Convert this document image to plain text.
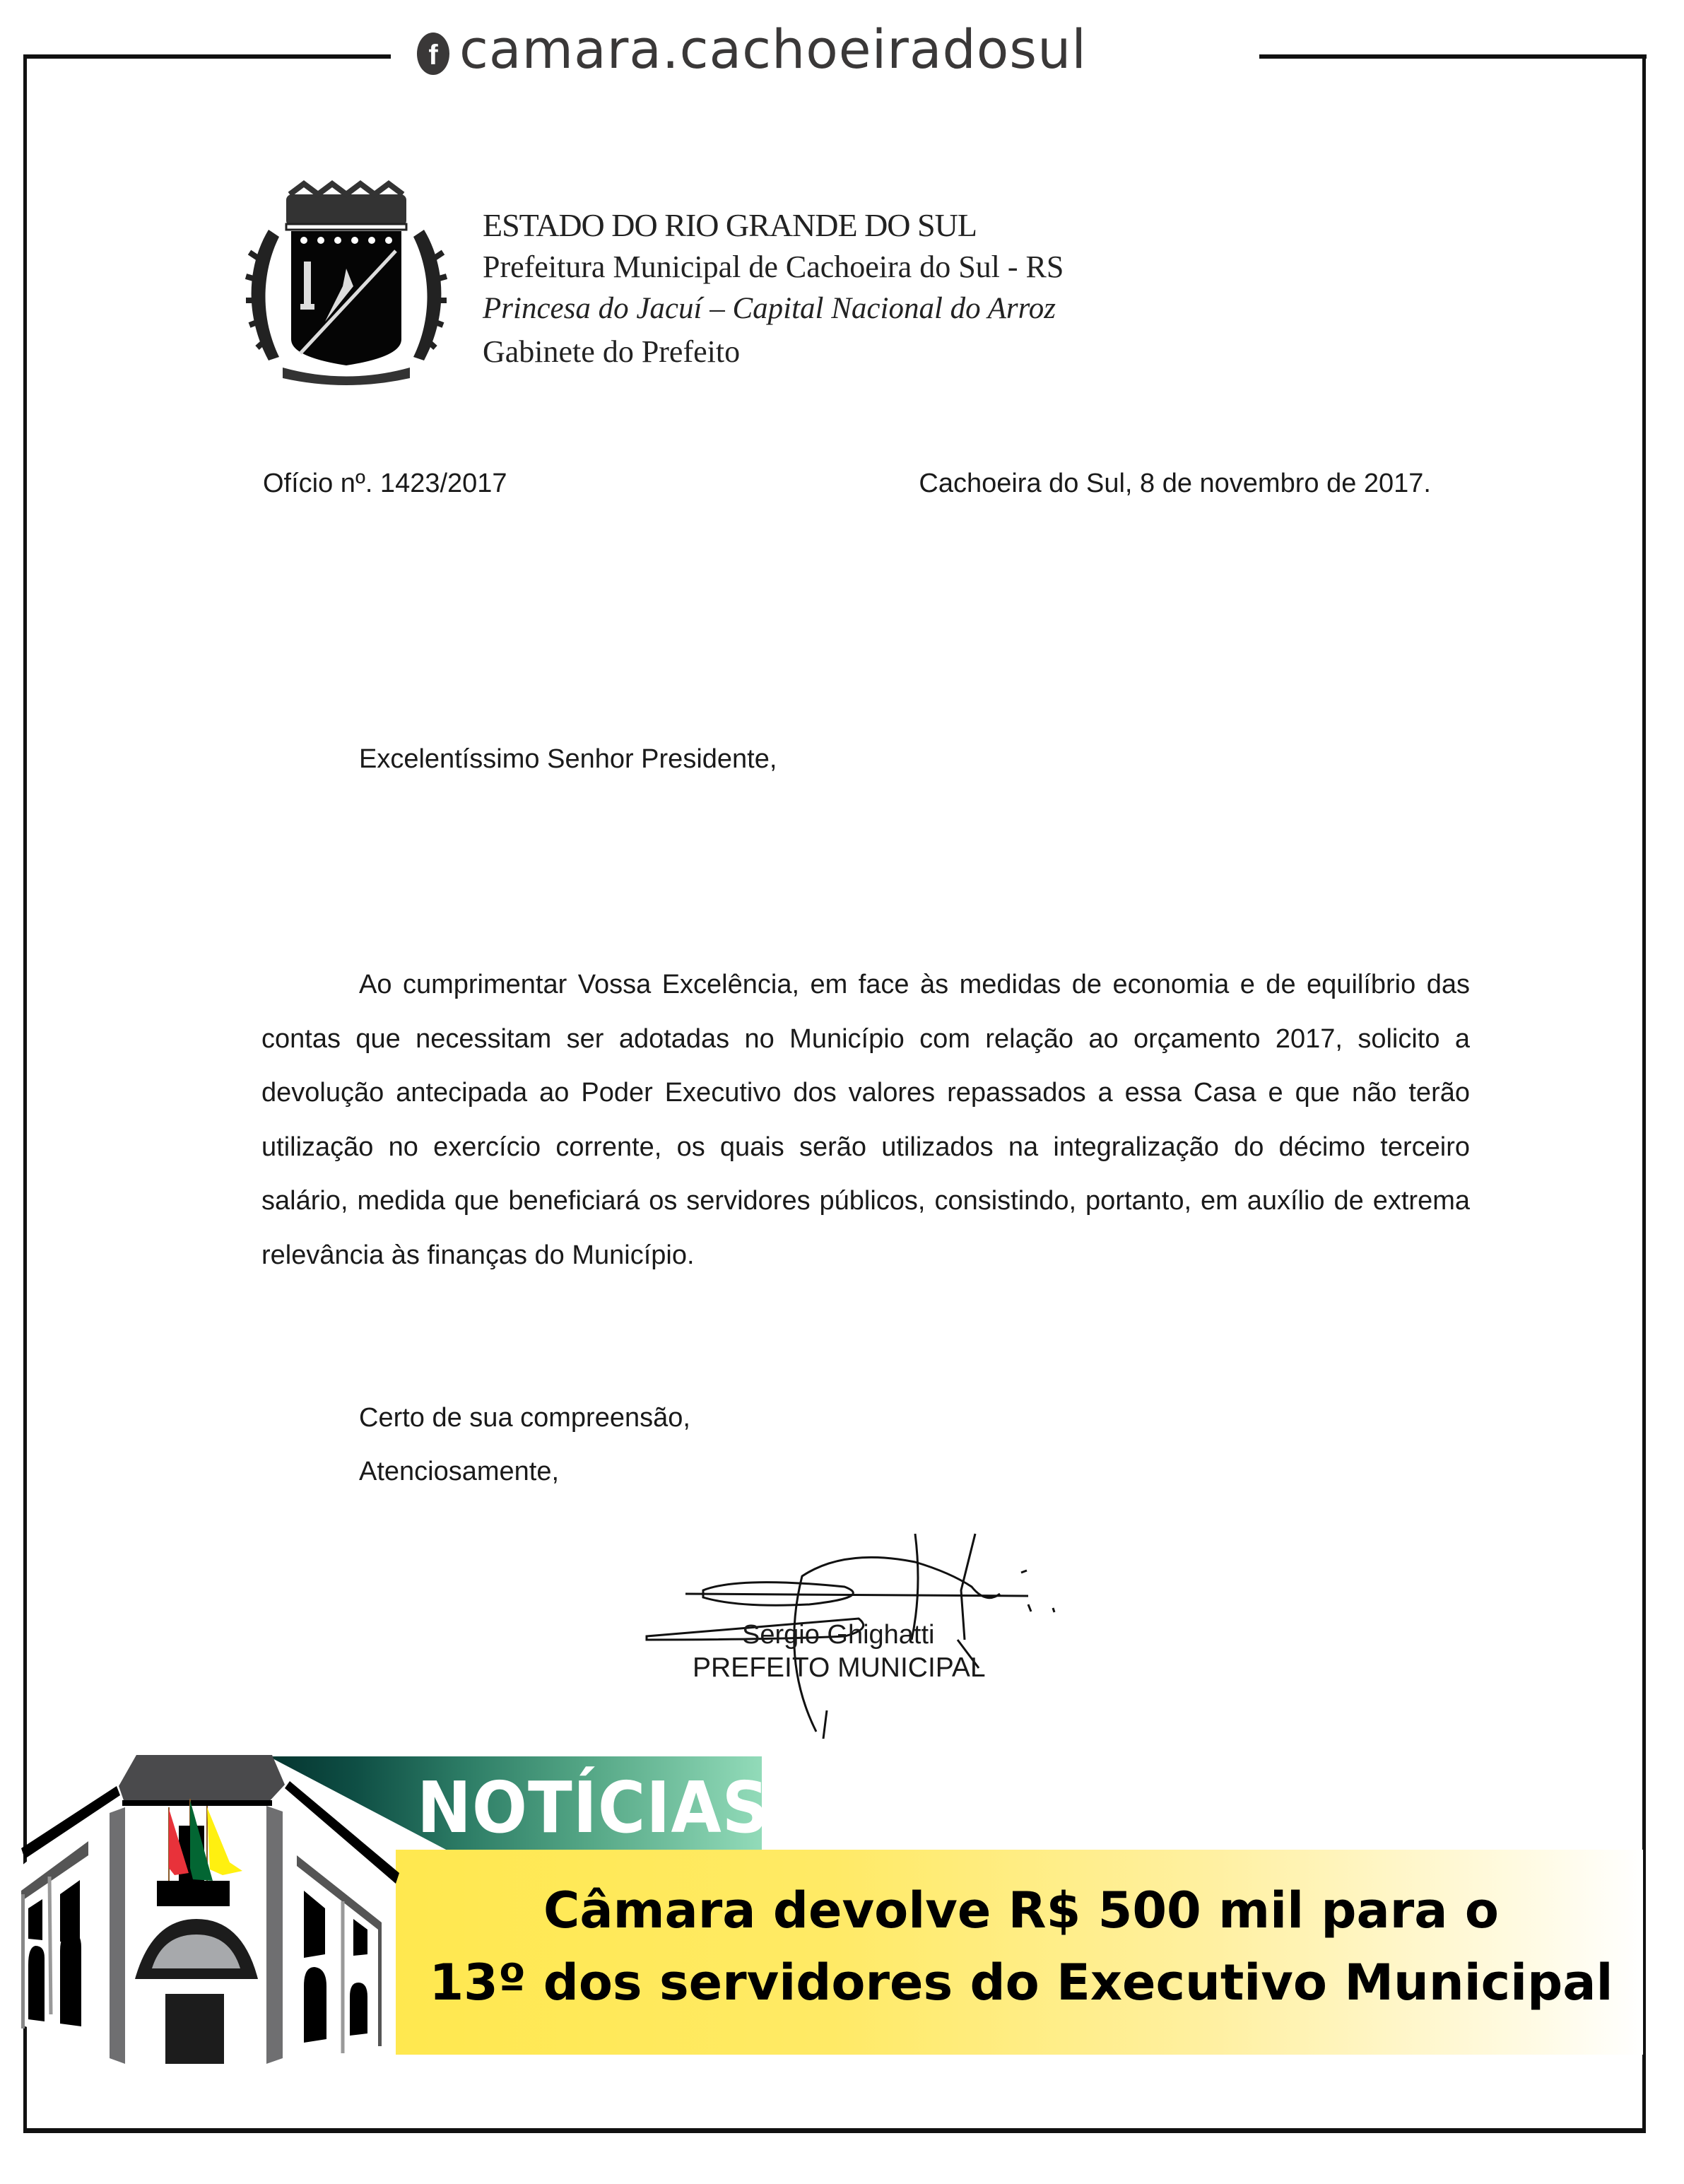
f camara.cachoeiradosul
ESTADO DO RIO GRANDE DO SUL
Prefeitura Municipal de Cachoeira do Sul - RS
Princesa do Jacuí – Capital Nacional do Arroz
Gabinete do Prefeito
Ofício nº. 1423/2017	Cachoeira do Sul, 8 de novembro de 2017.
Excelentíssimo Senhor Presidente,
Ao cumprimentar Vossa Excelência, em face às medidas de economia e de equilíbrio das contas que necessitam ser adotadas no Município com relação ao orçamento 2017, solicito a devolução antecipada ao Poder Executivo dos valores repassados a essa Casa e que não terão utilização no exercício corrente, os quais serão utilizados na integralização do décimo terceiro salário, medida que beneficiará os servidores públicos, consistindo, portanto, em auxílio de extrema relevância às finanças do Município.
Certo de sua compreensão,
Atenciosamente,
Sergio Ghighatti
PREFEITO MUNICIPAL
NOTÍCIAS
Câmara devolve R$ 500 mil para o
13º dos servidores do Executivo Municipal
